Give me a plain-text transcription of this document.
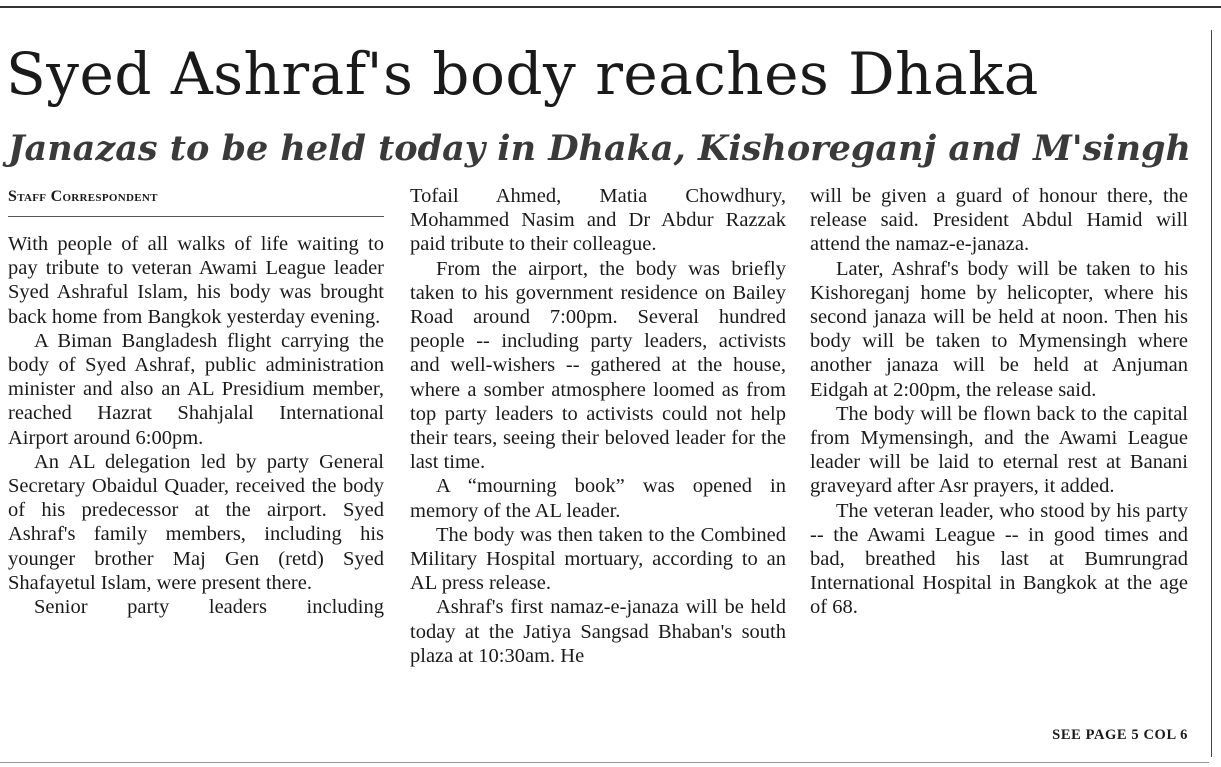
Syed Ashraf's body reaches Dhaka
Janazas to be held today in Dhaka, Kishoreganj and M'singh
Staff Correspondent

With people of all walks of life waiting to pay tribute to veteran Awami League leader Syed Ashraful Islam, his body was brought back home from Bangkok yesterday evening.

A Biman Bangladesh flight carrying the body of Syed Ashraf, public administration minister and also an AL Presidium member, reached Hazrat Shahjalal International Airport around 6:00pm.

An AL delegation led by party General Secretary Obaidul Quader, received the body of his predecessor at the airport. Syed Ashraf's family members, including his younger brother Maj Gen (retd) Syed Shafayetul Islam, were present there.

Senior party leaders including

Tofail Ahmed, Matia Chowdhury, Mohammed Nasim and Dr Abdur Razzak paid tribute to their colleague.

From the airport, the body was briefly taken to his government residence on Bailey Road around 7:00pm. Several hundred people -- including party leaders, activists and well-wishers -- gathered at the house, where a somber atmosphere loomed as from top party leaders to activists could not help their tears, seeing their beloved leader for the last time.

A “mourning book” was opened in memory of the AL leader.

The body was then taken to the Combined Military Hospital mortuary, according to an AL press release.

Ashraf's first namaz-e-janaza will be held today at the Jatiya Sangsad Bhaban's south plaza at 10:30am. He

will be given a guard of honour there, the release said. President Abdul Hamid will attend the namaz-e-janaza.

Later, Ashraf's body will be taken to his Kishoreganj home by helicopter, where his second janaza will be held at noon. Then his body will be taken to Mymensingh where another janaza will be held at Anjuman Eidgah at 2:00pm, the release said.

The body will be flown back to the capital from Mymensingh, and the Awami League leader will be laid to eternal rest at Banani graveyard after Asr prayers, it added.

The veteran leader, who stood by his party -- the Awami League -- in good times and bad, breathed his last at Bumrungrad International Hospital in Bangkok at the age of 68.

SEE PAGE 5 COL 6
